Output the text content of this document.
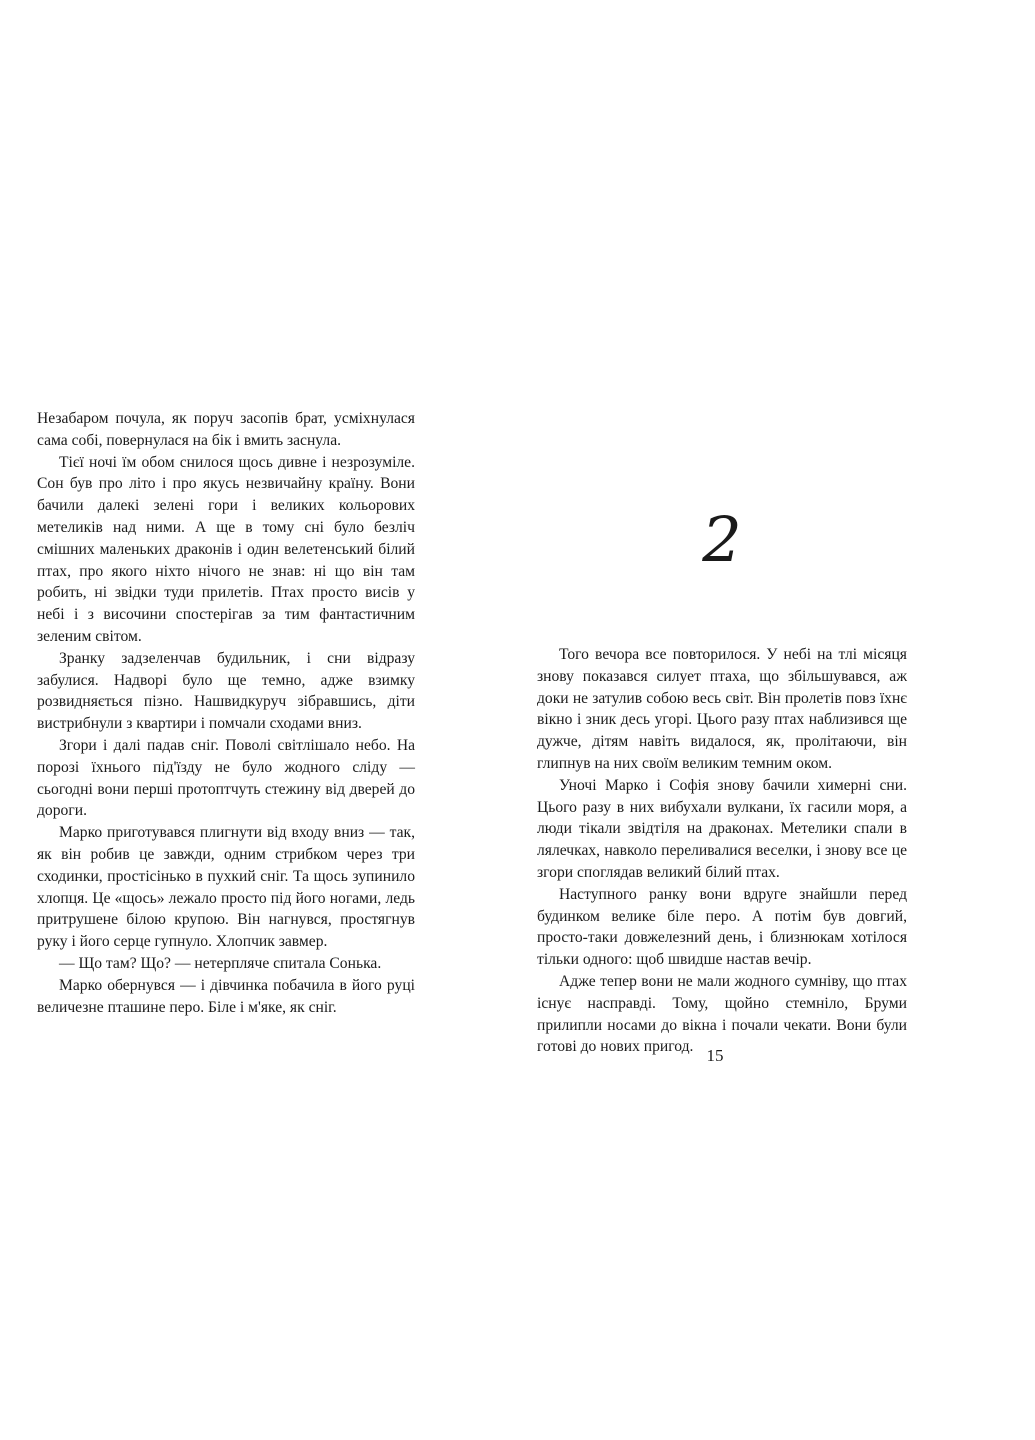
Незабаром почула, як поруч засопів брат, усміхнулася сама собі, повернулася на бік і вмить заснула.

Тієї ночі їм обом снилося щось дивне і незрозуміле. Сон був про літо і про якусь незвичайну країну. Вони бачили далекі зелені гори і великих кольорових метеликів над ними. А ще в тому сні було безліч смішних маленьких драконів і один велетенський білий птах, про якого ніхто нічого не знав: ні що він там робить, ні звідки туди прилетів. Птах просто висів у небі і з височини спостерігав за тим фантастичним зеленим світом.

Зранку задзеленчав будильник, і сни відразу забулися. Надворі було ще темно, адже взимку розвидняється пізно. Нашвидкуруч зібравшись, діти вистрибнули з квартири і помчали сходами вниз.

Згори і далі падав сніг. Поволі світлішало небо. На порозі їхнього під'їзду не було жодного сліду — сьогодні вони перші протоптчуть стежину від дверей до дороги.

Марко приготувався плигнути від входу вниз — так, як він робив це завжди, одним стрибком через три сходинки, простісінько в пухкий сніг. Та щось зупинило хлопця. Це «щось» лежало просто під його ногами, ледь притрушене білою крупою. Він нагнувся, простягнув руку і його серце гупнуло. Хлопчик завмер.

— Що там? Що? — нетерпляче спитала Сонька.

Марко обернувся — і дівчинка побачила в його руці величезне пташине перо. Біле і м'яке, як сніг.

2

Того вечора все повторилося. У небі на тлі місяця знову показався силует птаха, що збільшувався, аж доки не затулив собою весь світ. Він пролетів повз їхнє вікно і зник десь угорі. Цього разу птах наблизився ще дужче, дітям навіть видалося, як, пролітаючи, він глипнув на них своїм великим темним оком.

Уночі Марко і Софія знову бачили химерні сни. Цього разу в них вибухали вулкани, їх гасили моря, а люди тікали звідтіля на драконах. Метелики спали в лялечках, навколо переливалися веселки, і знову все це згори споглядав великий білий птах.

Наступного ранку вони вдруге знайшли перед будинком велике біле перо. А потім був довгий, просто-таки довжелезний день, і близнюкам хотілося тільки одного: щоб швидше настав вечір.

Адже тепер вони не мали жодного сумніву, що птах існує насправді. Тому, щойно стемніло, Бруми прилипли носами до вікна і почали чекати. Вони були готові до нових пригод. 15
